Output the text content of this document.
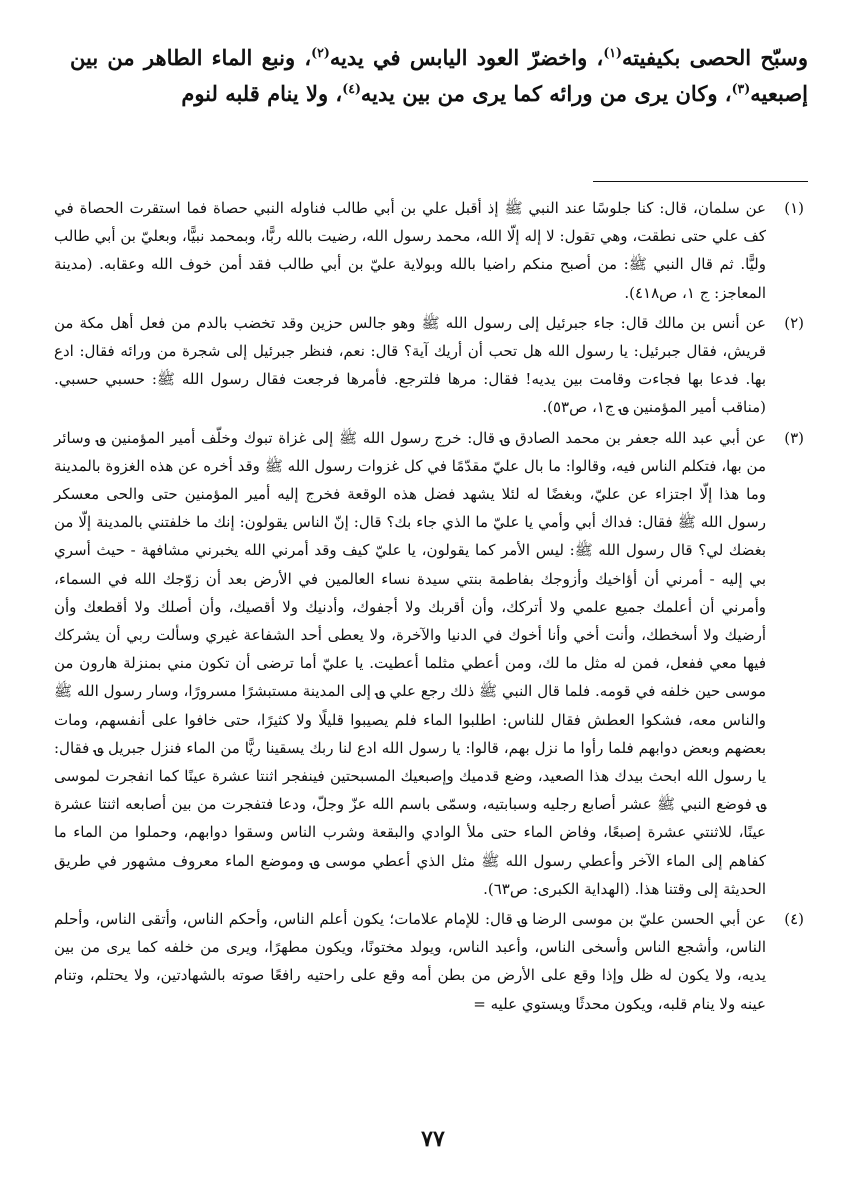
وسبّح الحصى بكيفيته$^{(١)}$، واخضرّ العود اليابس في يديه$^{(٢)}$، ونبع الماء الطاهر من بين إصبعيه$^{(٣)}$، وكان يرى من ورائه كما يرى من بين يديه$^{(٤)}$، ولا ينام قلبه لنوم

(١)
عن سلمان، قال: كنا جلوسًا عند النبي ﷺ إذ أقبل علي بن أبي طالب فناوله النبي حصاة فما استقرت الحصاة في كف علي حتى نطقت، وهي تقول: لا إله إلّا الله، محمد رسول الله، رضيت بالله ربًّا، وبمحمد نبيًّا، وبعليّ بن أبي طالب وليًّا. ثم قال النبي ﷺ: من أصبح منكم راضيا بالله وبولاية عليّ بن أبي طالب فقد أمن خوف الله وعقابه. (مدينة المعاجز: ج ١، ص٤١٨).
(٢)
عن أنس بن مالك قال: جاء جبرئيل إلى رسول الله ﷺ وهو جالس حزين وقد تخضب بالدم من فعل أهل مكة من قريش، فقال جبرئيل: يا رسول الله هل تحب أن أريك آية؟ قال: نعم، فنظر جبرئيل إلى شجرة من ورائه فقال: ادع بها. فدعا بها فجاءت وقامت بين يديه! فقال: مرها فلترجع. فأمرها فرجعت فقال رسول الله ﷺ: حسبي حسبي. (مناقب أمير المؤمنين ؈ ج١، ص٥٣).
(٣)
عن أبي عبد الله جعفر بن محمد الصادق ؈ قال: خرج رسول الله ﷺ إلى غزاة تبوك وخلّف أمير المؤمنين ؈ وسائر من بها، فتكلم الناس فيه، وقالوا: ما بال عليّ مقدّمًا في كل غزوات رسول الله ﷺ وقد أخره عن هذه الغزوة بالمدينة وما هذا إلّا اجتزاء عن عليّ، وبغضًا له لئلا يشهد فضل هذه الوقعة فخرج إليه أمير المؤمنين حتى والحى معسكر رسول الله ﷺ فقال: فداك أبي وأمي يا عليّ ما الذي جاء بك؟ قال: إنّ الناس يقولون: إنك ما خلفتني بالمدينة إلّا من بغضك لي؟ قال رسول الله ﷺ: ليس الأمر كما يقولون، يا عليّ كيف وقد أمرني الله يخبرني مشافهة - حيث أسري بي إليه - أمرني أن أؤاخيك وأزوجك بفاطمة بنتي سيدة نساء العالمين في الأرض بعد أن زوّجك الله في السماء، وأمرني أن أعلمك جميع علمي ولا أتركك، وأن أقربك ولا أجفوك، وأدنيك ولا أقصيك، وأن أصلك ولا أقطعك وأن أرضيك ولا أسخطك، وأنت أخي وأنا أخوك في الدنيا والآخرة، ولا يعطى أحد الشفاعة غيري وسألت ربي أن يشركك فيها معي ففعل، فمن له مثل ما لك، ومن أعطي مثلما أعطيت. يا عليّ أما ترضى أن تكون مني بمنزلة هارون من موسى حين خلفه في قومه. فلما قال النبي ﷺ ذلك رجع علي ؈ إلى المدينة مستبشرًا مسرورًا، وسار رسول الله ﷺ والناس معه، فشكوا العطش فقال للناس: اطلبوا الماء فلم يصيبوا قليلًا ولا كثيرًا، حتى خافوا على أنفسهم، ومات بعضهم وبعض دوابهم فلما رأوا ما نزل بهم، قالوا: يا رسول الله ادع لنا ربك يسقينا ريًّا من الماء فنزل جبريل ؈ فقال: يا رسول الله ابحث بيدك هذا الصعيد، وضع قدميك وإصبعيك المسبحتين فينفجر اثنتا عشرة عينًا كما انفجرت لموسى ؈ فوضع النبي ﷺ عشر أصابع رجليه وسبابتيه، وسمّى باسم الله عزّ وجلّ، ودعا فتفجرت من بين أصابعه اثنتا عشرة عينًا، للاثنتي عشرة إصبعًا، وفاض الماء حتى ملأ الوادي والبقعة وشرب الناس وسقوا دوابهم، وحملوا من الماء ما كفاهم إلى الماء الآخر وأعطي رسول الله ﷺ مثل الذي أعطي موسى ؈ وموضع الماء معروف مشهور في طريق الحديثة إلى وقتنا هذا. (الهداية الكبرى: ص٦٣).
(٤)
عن أبي الحسن عليّ بن موسى الرضا ؈ قال: للإمام علامات؛ يكون أعلم الناس، وأحكم الناس، وأتقى الناس، وأحلم الناس، وأشجع الناس وأسخى الناس، وأعبد الناس، ويولد مختونًا، ويكون مطهرًا، ويرى من خلفه كما يرى من بين يديه، ولا يكون له ظل وإذا وقع على الأرض من بطن أمه وقع على راحتيه رافعًا صوته بالشهادتين، ولا يحتلم، وتنام عينه ولا ينام قلبه، ويكون محدثًا ويستوي عليه =
٧٧
